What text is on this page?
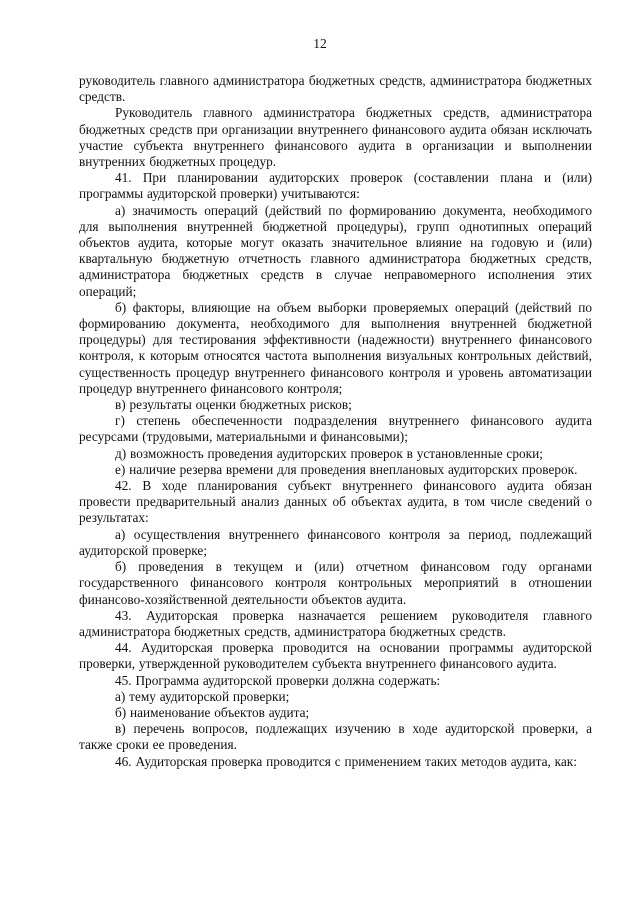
12

руководитель главного администратора бюджетных средств, администратора бюджетных средств.

Руководитель главного администратора бюджетных средств, администратора бюджетных средств при организации внутреннего финансового аудита обязан исключать участие субъекта внутреннего финансового аудита в организации и выполнении внутренних бюджетных процедур.

41. При планировании аудиторских проверок (составлении плана и (или) программы аудиторской проверки) учитываются:

а) значимость операций (действий по формированию документа, необходимого для выполнения внутренней бюджетной процедуры), групп однотипных операций объектов аудита, которые могут оказать значительное влияние на годовую и (или) квартальную бюджетную отчетность главного администратора бюджетных средств, администратора бюджетных средств в случае неправомерного исполнения этих операций;

б) факторы, влияющие на объем выборки проверяемых операций (действий по формированию документа, необходимого для выполнения внутренней бюджетной процедуры) для тестирования эффективности (надежности) внутреннего финансового контроля, к которым относятся частота выполнения визуальных контрольных действий, существенность процедур внутреннего финансового контроля и уровень автоматизации процедур внутреннего финансового контроля;

в) результаты оценки бюджетных рисков;

г) степень обеспеченности подразделения внутреннего финансового аудита ресурсами (трудовыми, материальными и финансовыми);

д) возможность проведения аудиторских проверок в установленные сроки;

е) наличие резерва времени для проведения внеплановых аудиторских проверок.

42. В ходе планирования субъект внутреннего финансового аудита обязан провести предварительный анализ данных об объектах аудита, в том числе сведений о результатах:

а) осуществления внутреннего финансового контроля за период, подлежащий аудиторской проверке;

б) проведения в текущем и (или) отчетном финансовом году органами государственного финансового контроля контрольных мероприятий в отношении финансово-хозяйственной деятельности объектов аудита.

43. Аудиторская проверка назначается решением руководителя главного администратора бюджетных средств, администратора бюджетных средств.

44. Аудиторская проверка проводится на основании программы аудиторской проверки, утвержденной руководителем субъекта внутреннего финансового аудита.

45. Программа аудиторской проверки должна содержать:

а) тему аудиторской проверки;

б) наименование объектов аудита;

в) перечень вопросов, подлежащих изучению в ходе аудиторской проверки, а также сроки ее проведения.

46. Аудиторская проверка проводится с применением таких методов аудита, как:
